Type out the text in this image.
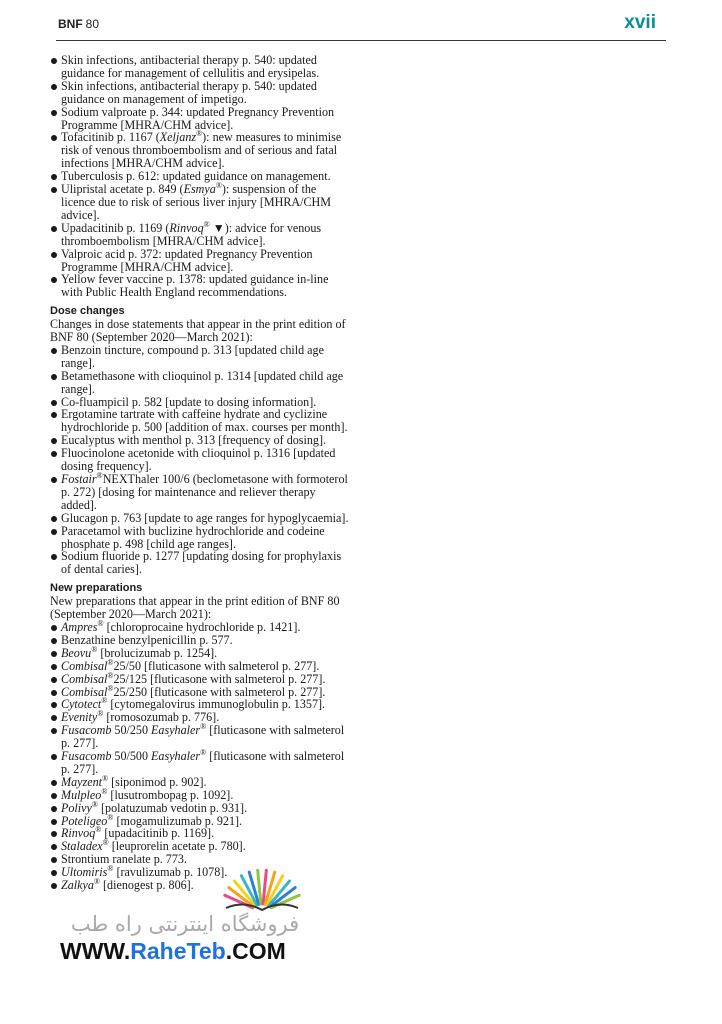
BNF 80	xvii
Skin infections, antibacterial therapy p. 540: updated guidance for management of cellulitis and erysipelas.
Skin infections, antibacterial therapy p. 540: updated guidance on management of impetigo.
Sodium valproate p. 344: updated Pregnancy Prevention Programme [MHRA/CHM advice].
Tofacitinib p. 1167 (Xeljanz®): new measures to minimise risk of venous thromboembolism and of serious and fatal infections [MHRA/CHM advice].
Tuberculosis p. 612: updated guidance on management.
Ulipristal acetate p. 849 (Esmya®): suspension of the licence due to risk of serious liver injury [MHRA/CHM advice].
Upadacitinib p. 1169 (Rinvoq® ▼): advice for venous thromboembolism [MHRA/CHM advice].
Valproic acid p. 372: updated Pregnancy Prevention Programme [MHRA/CHM advice].
Yellow fever vaccine p. 1378: updated guidance in-line with Public Health England recommendations.
Dose changes

Changes in dose statements that appear in the print edition of BNF 80 (September 2020—March 2021):

Benzoin tincture, compound p. 313 [updated child age range].
Betamethasone with clioquinol p. 1314 [updated child age range].
Co-fluampicil p. 582 [update to dosing information].
Ergotamine tartrate with caffeine hydrate and cyclizine hydrochloride p. 500 [addition of max. courses per month].
Eucalyptus with menthol p. 313 [frequency of dosing].
Fluocinolone acetonide with clioquinol p. 1316 [updated dosing frequency].
Fostair®NEXThaler 100/6 (beclometasone with formoterol p. 272) [dosing for maintenance and reliever therapy added].
Glucagon p. 763 [update to age ranges for hypoglycaemia].
Paracetamol with buclizine hydrochloride and codeine phosphate p. 498 [child age ranges].
Sodium fluoride p. 1277 [updating dosing for prophylaxis of dental caries].
New preparations

New preparations that appear in the print edition of BNF 80 (September 2020—March 2021):

Ampres® [chloroprocaine hydrochloride p. 1421].
Benzathine benzylpenicillin p. 577.
Beovu® [brolucizumab p. 1254].
Combisal®25/50 [fluticasone with salmeterol p. 277].
Combisal®25/125 [fluticasone with salmeterol p. 277].
Combisal®25/250 [fluticasone with salmeterol p. 277].
Cytotect® [cytomegalovirus immunoglobulin p. 1357].
Evenity® [romosozumab p. 776].
Fusacomb 50/250 Easyhaler® [fluticasone with salmeterol p. 277].
Fusacomb 50/500 Easyhaler® [fluticasone with salmeterol p. 277].
Mayzent® [siponimod p. 902].
Mulpleo® [lusutrombopag p. 1092].
Polivy® [polatuzumab vedotin p. 931].
Poteligeo® [mogamulizumab p. 921].
Rinvoq® [upadacitinib p. 1169].
Staladex® [leuprorelin acetate p. 780].
Strontium ranelate p. 773.
Ultomiris® [ravulizumab p. 1078].
Zalkya® [dienogest p. 806].
فروشگاه اینترنتی راه طب
WWW.RaheTeb.COM
